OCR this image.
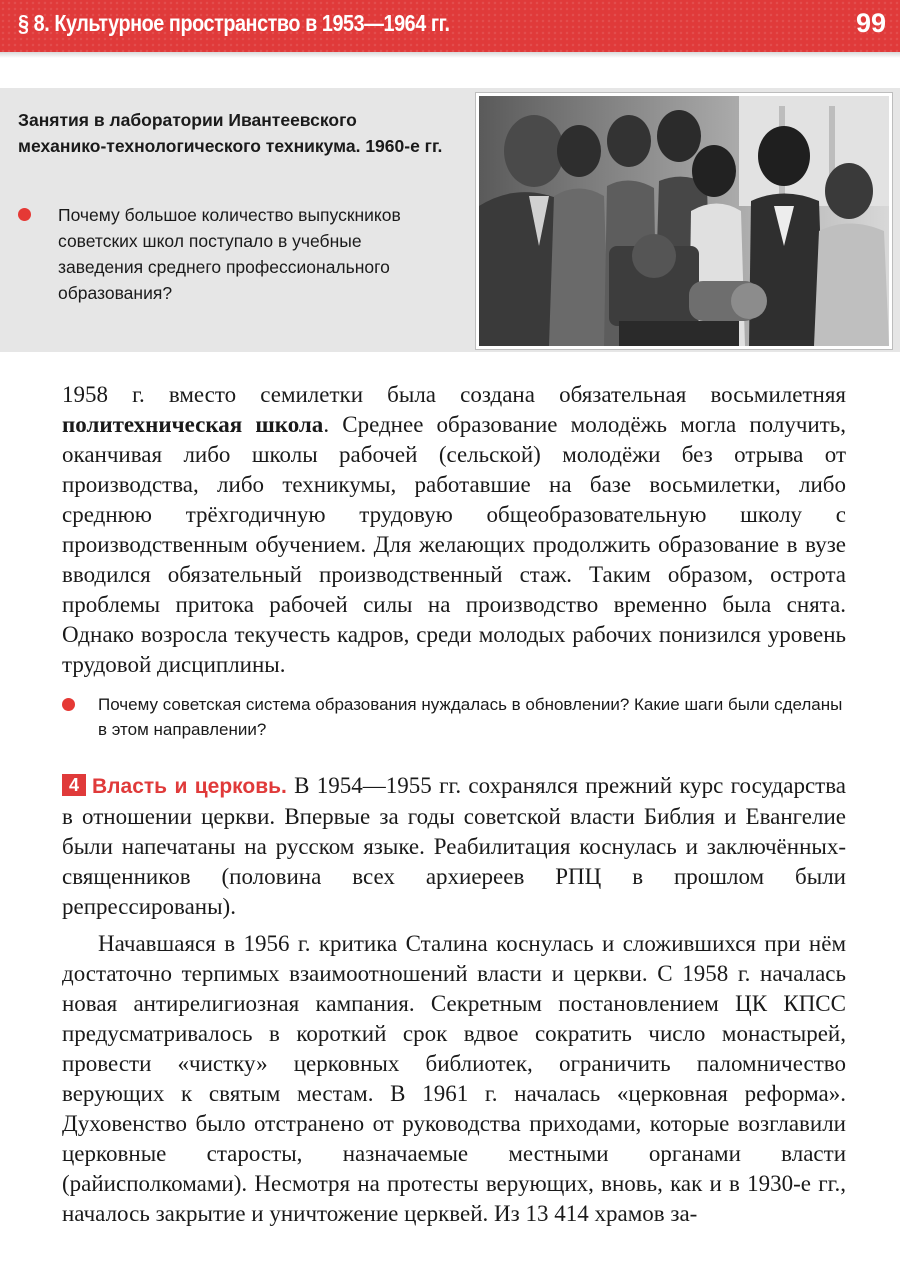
§ 8. Культурное пространство в 1953—1964 гг.	99
Занятия в лаборатории Ивантеевского механико-технологического техникума. 1960-е гг.
Почему большое количество выпускников советских школ поступало в учебные заведения среднего профессионального образования?
1958 г. вместо семилетки была создана обязательная восьмилетняя политехническая школа. Среднее образование молодёжь могла получить, оканчивая либо школы рабочей (сельской) молодёжи без отрыва от производства, либо техникумы, работавшие на базе восьмилетки, либо среднюю трёхгодичную трудовую общеобразовательную школу с производственным обучением. Для желающих продолжить образование в вузе вводился обязательный производственный стаж. Таким образом, острота проблемы притока рабочей силы на производство временно была снята. Однако возросла текучесть кадров, среди молодых рабочих понизился уровень трудовой дисциплины.
Почему советская система образования нуждалась в обновлении? Какие шаги были сделаны в этом направлении?
4 Власть и церковь. В 1954—1955 гг. сохранялся прежний курс государства в отношении церкви. Впервые за годы советской власти Библия и Евангелие были напечатаны на русском языке. Реабилитация коснулась и заключённых-священников (половина всех архиереев РПЦ в прошлом были репрессированы).
Начавшаяся в 1956 г. критика Сталина коснулась и сложившихся при нём достаточно терпимых взаимоотношений власти и церкви. С 1958 г. началась новая антирелигиозная кампания. Секретным постановлением ЦК КПСС предусматривалось в короткий срок вдвое сократить число монастырей, провести «чистку» церковных библиотек, ограничить паломничество верующих к святым местам. В 1961 г. началась «церковная реформа». Духовенство было отстранено от руководства приходами, которые возглавили церковные старосты, назначаемые местными органами власти (райисполкомами). Несмотря на протесты верующих, вновь, как и в 1930-е гг., началось закрытие и уничтожение церквей. Из 13 414 храмов за-
